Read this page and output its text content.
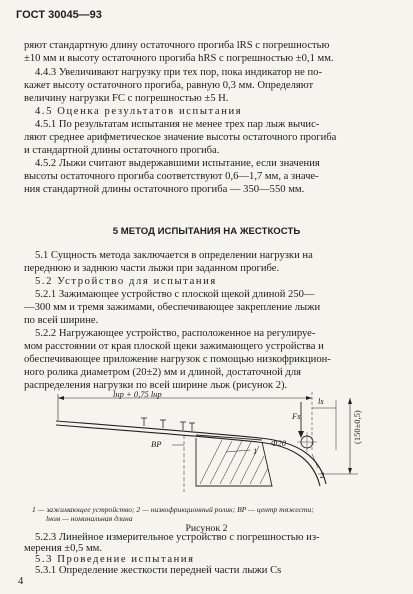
ГОСТ 30045—93
ряют стандартную длину остаточного прогиба lRS с погрешностью
±10 мм и высоту остаточного прогиба hRS с погрешностью ±0,1 мм.
4.4.3 Увеличивают нагрузку при тех пор, пока индикатор не по-
кажет высоту остаточного прогиба, равную 0,3 мм. Определяют
величину нагрузки FC с погрешностью ±5 Н.
4.5 Оценка результатов испытания
4.5.1 По результатам испытания не менее трех пар лыж вычис-
ляют среднее арифметическое значение высоты остаточного прогиба
и стандартной длины остаточного прогиба.
4.5.2 Лыжи считают выдержавшими испытание, если значения
высоты остаточного прогиба соответствуют 0,6—1,7 мм, а значе-
ния стандартной длины остаточного прогиба — 350—550 мм.
5 МЕТОД ИСПЫТАНИЯ НА ЖЕСТКОСТЬ
5.1 Сущность метода заключается в определении нагрузки на
переднюю и заднюю части лыжи при заданном прогибе.
5.2 Устройство для испытания
5.2.1 Зажимающее устройство с плоской щекой длиной 250—
—300 мм и тремя зажимами, обеспечивающее закрепление лыжи
по всей ширине.
5.2.2 Нагружающее устройство, расположенное на регулируе-
мом расстоянии от края плоской щеки зажимающего устройства и
обеспечивающее приложение нагрузок с помощью низкофрикцион-
ного ролика диаметром (20±2) мм и длиной, достаточной для
распределения нагрузки по всей ширине лыж (рисунок 2).
lнр + 0,75 lнр
ls
Fs
Φ20
BP
1
2
(150±0,5)
1 — зажимающее устройство; 2 — низкофрикционный ролик; BP — центр тяжести;
lном — номинальная длина
Рисунок 2
5.2.3 Линейное измерительное устройство с погрешностью из-
мерения ±0,5 мм.
5.3 Проведение испытания
5.3.1 Определение жесткости передней части лыжи Cs
4
